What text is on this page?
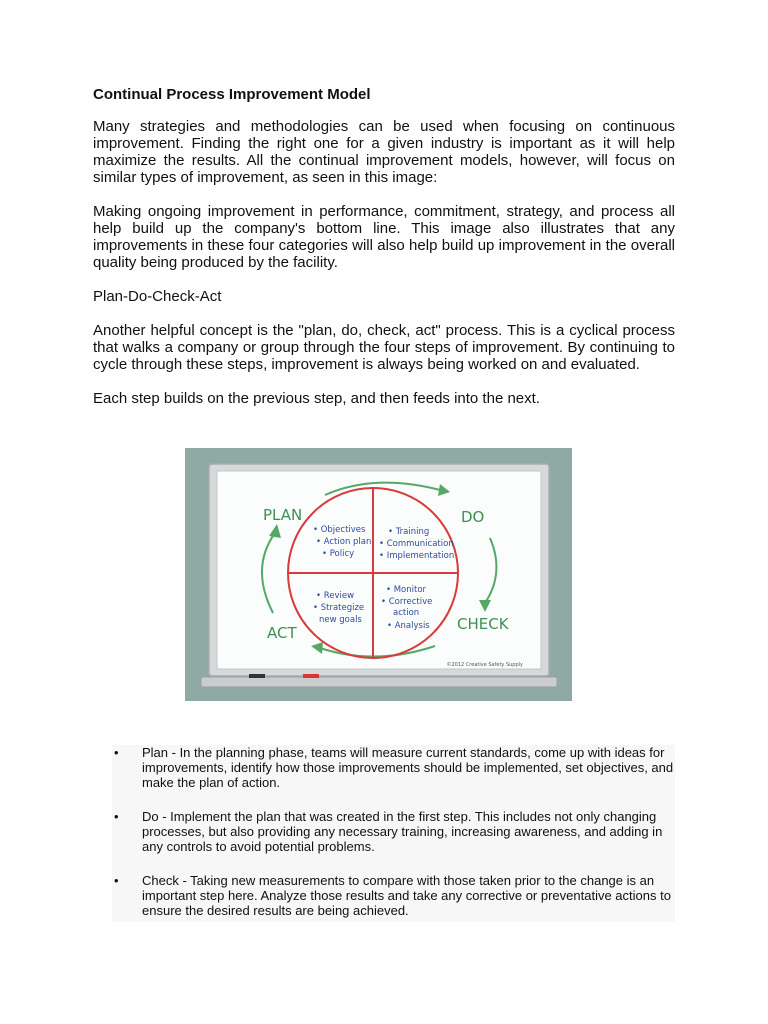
Continual Process Improvement Model

Many strategies and methodologies can be used when focusing on continuous improvement. Finding the right one for a given industry is important as it will help maximize the results. All the continual improvement models, however, will focus on similar types of improvement, as seen in this image:

Making ongoing improvement in performance, commitment, strategy, and process all help build up the company's bottom line. This image also illustrates that any improvements in these four categories will also help build up improvement in the overall quality being produced by the facility.

Plan-Do-Check-Act

Another helpful concept is the "plan, do, check, act" process. This is a cyclical process that walks a company or group through the four steps of improvement. By continuing to cycle through these steps, improvement is always being worked on and evaluated.

Each step builds on the previous step, and then feeds into the next.

©2012 Creative Safety Supply
PLAN	DO
CHECK
ACT
• Objectives
• Action plan
• Policy
• Training
• Communication
• Implementation
• Review
• Strategize
new goals
• Monitor
• Corrective
action
• Analysis
•	Plan - In the planning phase, teams will measure current standards, come up with ideas for improvements, identify how those improvements should be implemented, set objectives, and make the plan of action.
•	Do - Implement the plan that was created in the first step. This includes not only changing processes, but also providing any necessary training, increasing awareness, and adding in any controls to avoid potential problems.
•	Check - Taking new measurements to compare with those taken prior to the change is an important step here. Analyze those results and take any corrective or preventative actions to ensure the desired results are being achieved.
